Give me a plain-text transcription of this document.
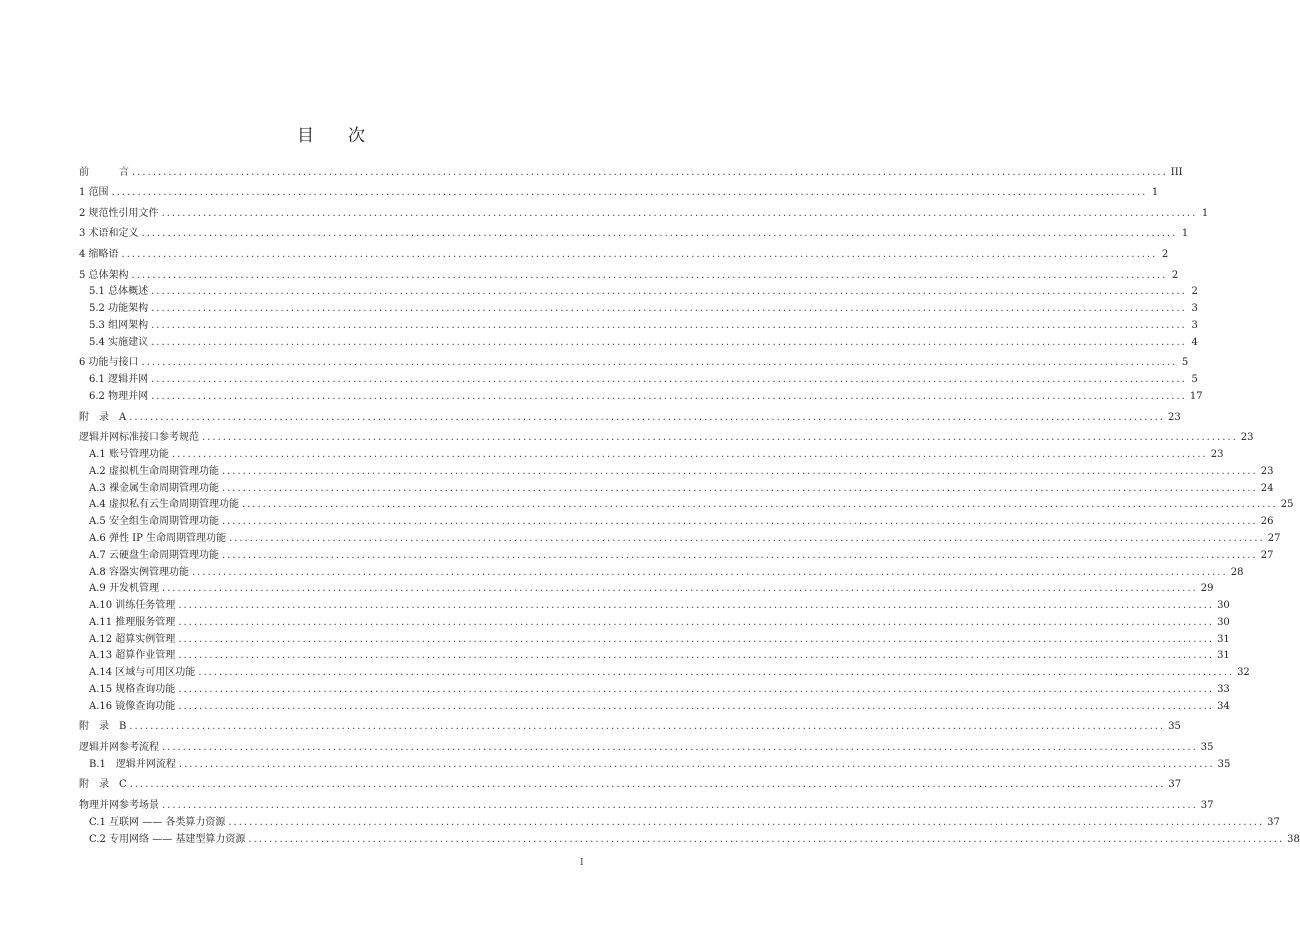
目 次
前　　　言 ........................................................................................................................................................................................................ III
1 范围 ........................................................................................................................................................................................................ 1
2 规范性引用文件 ........................................................................................................................................................................................................ 1
3 术语和定义 ........................................................................................................................................................................................................ 1
4 缩略语 ........................................................................................................................................................................................................ 2
5 总体架构 ........................................................................................................................................................................................................ 2
5.1 总体概述 ........................................................................................................................................................................................................ 2
5.2 功能架构 ........................................................................................................................................................................................................ 3
5.3 组网架构 ........................................................................................................................................................................................................ 3
5.4 实施建议 ........................................................................................................................................................................................................ 4
6 功能与接口 ........................................................................................................................................................................................................ 5
6.1 逻辑并网 ........................................................................................................................................................................................................ 5
6.2 物理并网 ........................................................................................................................................................................................................ 17
附　录　A ........................................................................................................................................................................................................ 23
逻辑并网标准接口参考规范 ........................................................................................................................................................................................................ 23
A.1 账号管理功能 ........................................................................................................................................................................................................ 23
A.2 虚拟机生命周期管理功能 ........................................................................................................................................................................................................ 23
A.3 裸金属生命周期管理功能 ........................................................................................................................................................................................................ 24
A.4 虚拟私有云生命周期管理功能 ........................................................................................................................................................................................................ 25
A.5 安全组生命周期管理功能 ........................................................................................................................................................................................................ 26
A.6 弹性 IP 生命周期管理功能 ........................................................................................................................................................................................................ 27
A.7 云硬盘生命周期管理功能 ........................................................................................................................................................................................................ 27
A.8 容器实例管理功能 ........................................................................................................................................................................................................ 28
A.9 开发机管理 ........................................................................................................................................................................................................ 29
A.10 训练任务管理 ........................................................................................................................................................................................................ 30
A.11 推理服务管理 ........................................................................................................................................................................................................ 30
A.12 超算实例管理 ........................................................................................................................................................................................................ 31
A.13 超算作业管理 ........................................................................................................................................................................................................ 31
A.14 区域与可用区功能 ........................................................................................................................................................................................................ 32
A.15 规格查询功能 ........................................................................................................................................................................................................ 33
A.16 镜像查询功能 ........................................................................................................................................................................................................ 34
附　录　B ........................................................................................................................................................................................................ 35
逻辑并网参考流程 ........................................................................................................................................................................................................ 35
B.1　逻辑并网流程 ........................................................................................................................................................................................................ 35
附　录　C ........................................................................................................................................................................................................ 37
物理并网参考场景 ........................................................................................................................................................................................................ 37
C.1 互联网 —— 各类算力资源 ........................................................................................................................................................................................................ 37
C.2 专用网络 —— 基建型算力资源 ........................................................................................................................................................................................................ 38
I
